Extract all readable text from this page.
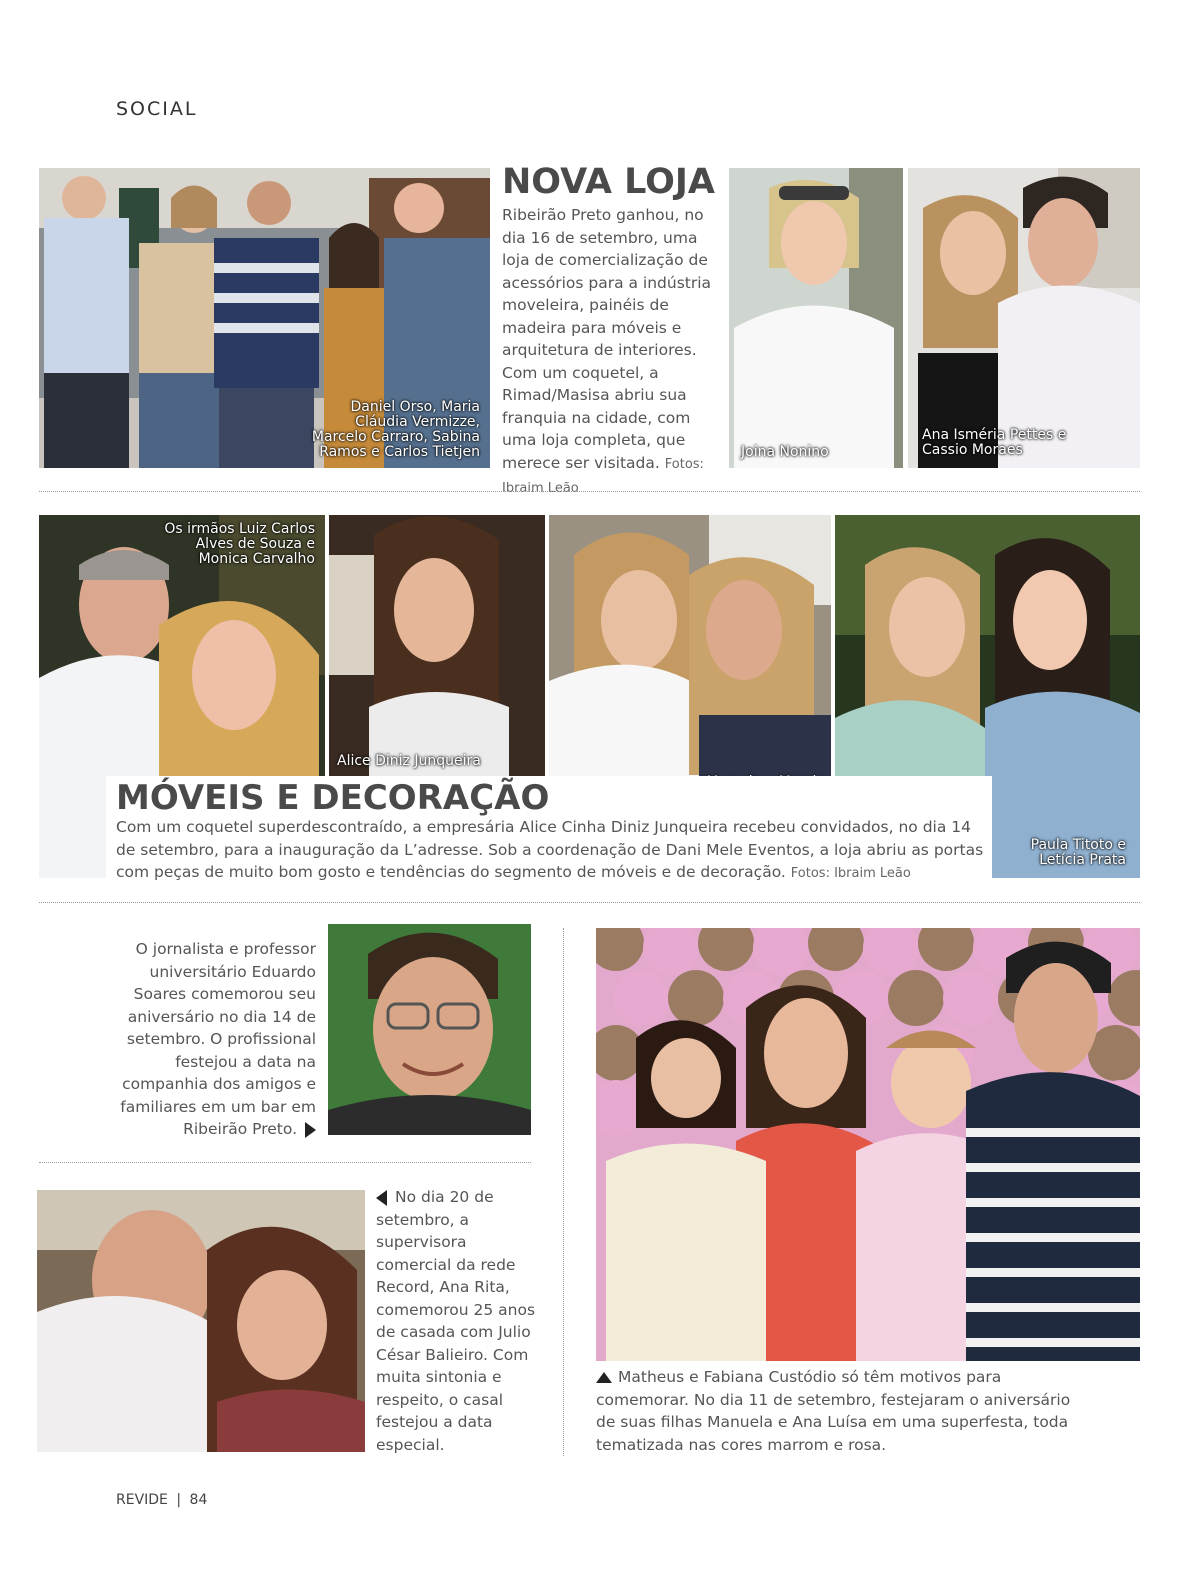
SOCIAL
Daniel Orso, Maria Cláudia Vermizze, Marcelo Carraro, Sabina Ramos e Carlos Tietjen
NOVA LOJA
Ribeirão Preto ganhou, no dia 16 de setembro, uma loja de comercialização de acessórios para a indústria moveleira, painéis de madeira para móveis e arquitetura de interiores. Com um coquetel, a Rimad/Masisa abriu sua franquia na cidade, com uma loja completa, que merece ser visitada. Fotos: Ibraim Leão
Joina Nonino
Ana Isméria Pettes e Cassio Moraes
Os irmãos Luiz Carlos Alves de Souza e Monica Carvalho
Alice Diniz Junqueira
Paula Titoto e Letícia Prata
MÓVEIS E DECORAÇÃO
Com um coquetel superdescontraído, a empresária Alice Cinha Diniz Junqueira recebeu convidados, no dia 14 de setembro, para a inauguração da L’adresse. Sob a coordenação de Dani Mele Eventos, a loja abriu as portas com peças de muito bom gosto e tendências do segmento de móveis e de decoração. Fotos: Ibraim Leão
O jornalista e professor universitário Eduardo Soares comemorou seu aniversário no dia 14 de setembro. O profissional festejou a data na companhia dos amigos e familiares em um bar em Ribeirão Preto.
No dia 20 de setembro, a supervisora comercial da rede Record, Ana Rita, comemorou 25 anos de casada com Julio César Balieiro. Com muita sintonia e respeito, o casal festejou a data especial.
Matheus e Fabiana Custódio só têm motivos para comemorar. No dia 11 de setembro, festejaram o aniversário de suas filhas Manuela e Ana Luísa em uma superfesta, toda tematizada nas cores marrom e rosa.
REVIDE | 84
